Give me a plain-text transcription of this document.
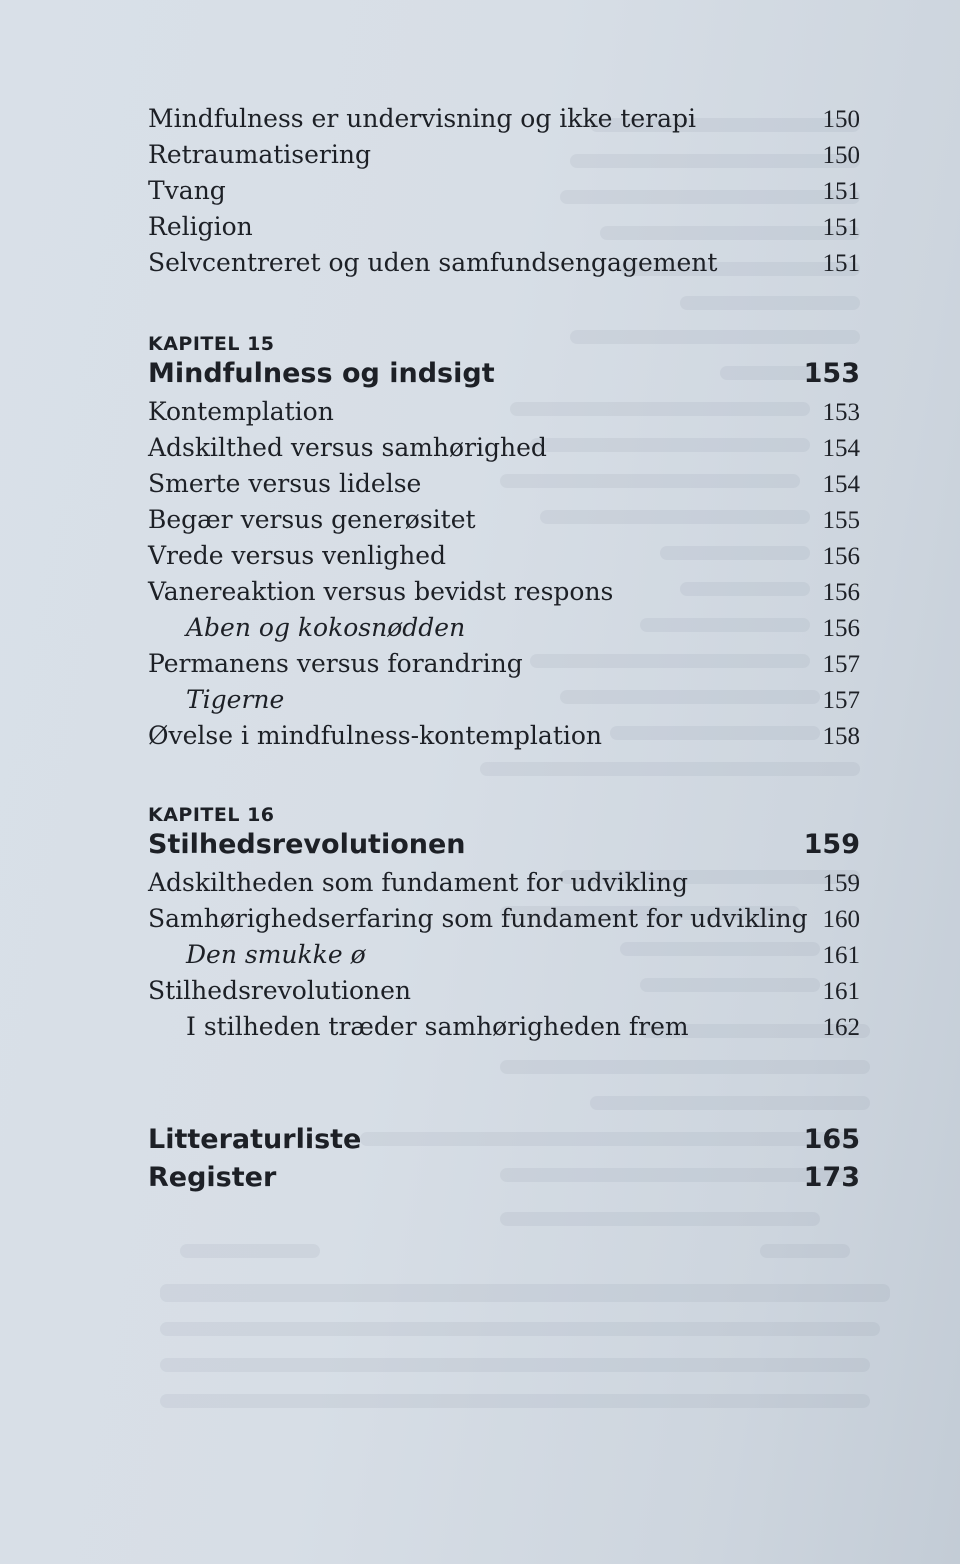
Mindfulness er undervisning og ikke terapi	150
Retraumatisering	150
Tvang	151
Religion	151
Selvcentreret og uden samfundsengagement	151
KAPITEL 15
Mindfulness og indsigt	153
Kontemplation	153
Adskilthed versus samhørighed	154
Smerte versus lidelse	154
Begær versus generøsitet	155
Vrede versus venlighed	156
Vanereaktion versus bevidst respons	156
Aben og kokosnødden	156
Permanens versus forandring	157
Tigerne	157
Øvelse i mindfulness-kontemplation	158
KAPITEL 16
Stilhedsrevolutionen	159
Adskiltheden som fundament for udvikling	159
Samhørighedserfaring som fundament for udvikling 160
Den smukke ø	161
Stilhedsrevolutionen	161
I stilheden træder samhørigheden frem	162
Litteraturliste	165
Register	173
